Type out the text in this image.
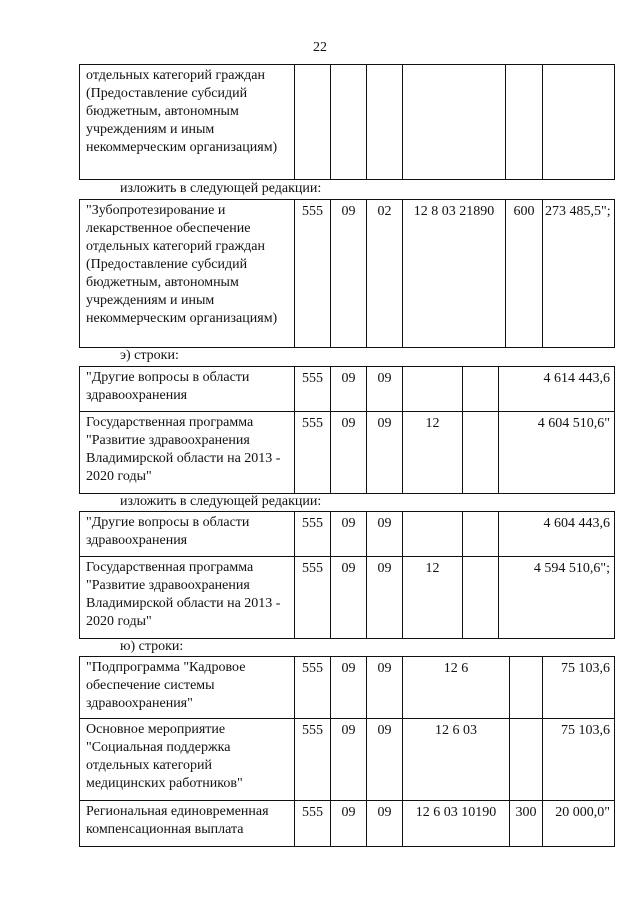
22
отдельных категорий граждан (Предоставление субсидий бюджетным, автономным учреждениям и иным некоммерческим организациям)						
изложить в следующей редакции:
"Зубопротезирование и лекарственное обеспечение отдельных категорий граждан (Предоставление субсидий бюджетным, автономным учреждениям и иным некоммерческим организациям)	555	09	02	12 8 03 21890	600	273 485,5";
э) строки:
"Другие вопросы в области здравоохранения	555	09	09			4 614 443,6
Государственная программа "Развитие здравоохранения Владимирской области на 2013 - 2020 годы"	555	09	09	12		4 604 510,6"
изложить в следующей редакции:
"Другие вопросы в области здравоохранения	555	09	09			4 604 443,6
Государственная программа "Развитие здравоохранения Владимирской области на 2013 - 2020 годы"	555	09	09	12		4 594 510,6";
ю) строки:
"Подпрограмма "Кадровое обеспечение системы здравоохранения"	555	09	09	12 6		75 103,6
Основное мероприятие "Социальная поддержка отдельных категорий медицинских работников"	555	09	09	12 6 03		75 103,6
Региональная единовременная компенсационная выплата	555	09	09	12 6 03 10190	300	20 000,0"
